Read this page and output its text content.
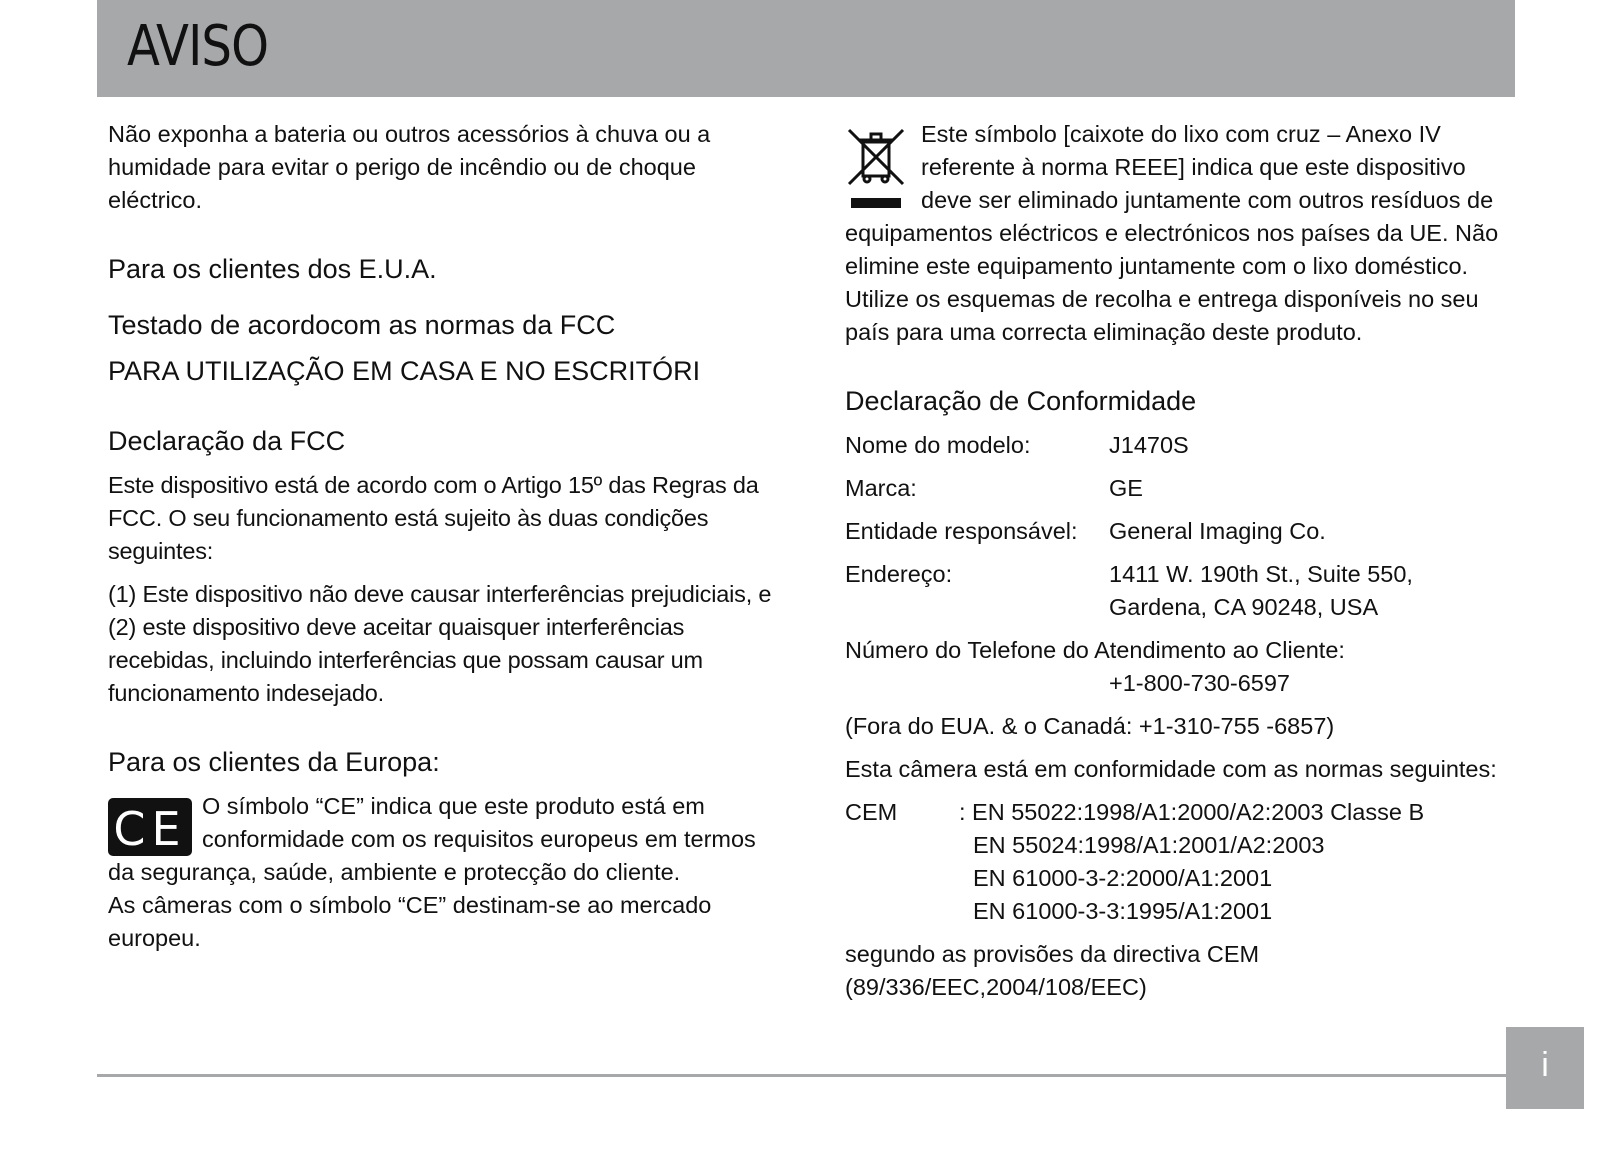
AVISO

Não exponha a bateria ou outros acessórios à chuva ou a humidade para evitar o perigo de incêndio ou de choque eléctrico.

Para os clientes dos E.U.A.
Testado de acordocom as normas da FCC
PARA UTILIZAÇÃO EM CASA E NO ESCRITÓRI
Declaração da FCC

Este dispositivo está de acordo com o Artigo 15º das Regras da FCC. O seu funcionamento está sujeito às duas condições seguintes:

(1) Este dispositivo não deve causar interferências prejudiciais, e (2) este dispositivo deve aceitar quaisquer interferências recebidas, incluindo interferências que possam causar um funcionamento indesejado.

Para os clientes da Europa:
CE O símbolo “CE” indica que este produto está em conformidade com os requisitos europeus em termos da segurança, saúde, ambiente e protecção do cliente.

As câmeras com o símbolo “CE” destinam-se ao mercado europeu.

Este símbolo [caixote do lixo com cruz – Anexo IV referente à norma REEE] indica que este dispositivo deve ser eliminado juntamente com outros resíduos de equipamentos eléctricos e electrónicos nos países da UE. Não elimine este equipamento juntamente com o lixo doméstico. Utilize os esquemas de recolha e entrega disponíveis no seu país para uma correcta eliminação deste produto.

Declaração de Conformidade
Nome do modelo:	J1470S
Marca:	GE
Entidade responsável:	General Imaging Co.
Endereço:	1411 W. 190th St., Suite 550, Gardena, CA 90248, USA

Número do Telefone do Atendimento ao Cliente:

+1-800-730-6597

(Fora do EUA. & o Canadá: +1-310-755 -6857)

Esta câmera está em conformidade com as normas seguintes:

CEM	: EN 55022:1998/A1:2000/A2:2003 Classe B
EN 55024:1998/A1:2001/A2:2003
EN 61000-3-2:2000/A1:2001
EN 61000-3-3:1995/A1:2001

segundo as provisões da directiva CEM (89/336/EEC,2004/108/EEC)

i
